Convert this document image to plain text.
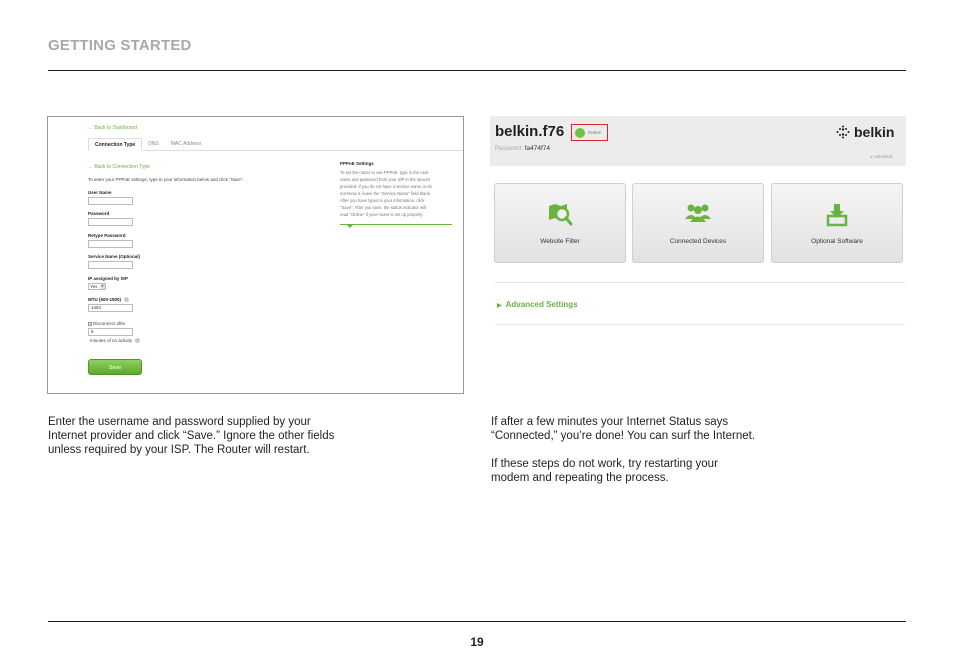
GETTING STARTED
← Back to Dashboard
Connection Type	DNS	MAC Address
← Back to Connection Type
To enter your PPPoE settings, type in your information below and click "Save".
User Name
Password
Retype Password
Service Name (Optional)
IP assigned by ISP
Yes	▼
MTU (600-1500)
1454
✓Disconnect after
5
minutes of no activity
Save
PPPoE Settings
To set the router to use PPPoE, type in the user
name and password from your ISP in the spaces
provided. If you do not have a service name or do
not know it, leave the "Service Name" field blank.
After you have typed in your information, click
"Save". After you save, the status indicator will
read "Online" if your router is set up properly.
belkin.f76	Online
Password: fa474f74
belkin
🔓︎ unlocked
Website Filter	Connected Devices	Optional Software
▶ Advanced Settings
Enter the username and password supplied by your
Internet provider and click “Save.” Ignore the other fields
unless required by your ISP. The Router will restart.
If after a few minutes your Internet Status says
“Connected,” you’re done! You can surf the Internet.
If these steps do not work, try restarting your
modem and repeating the process.
19
